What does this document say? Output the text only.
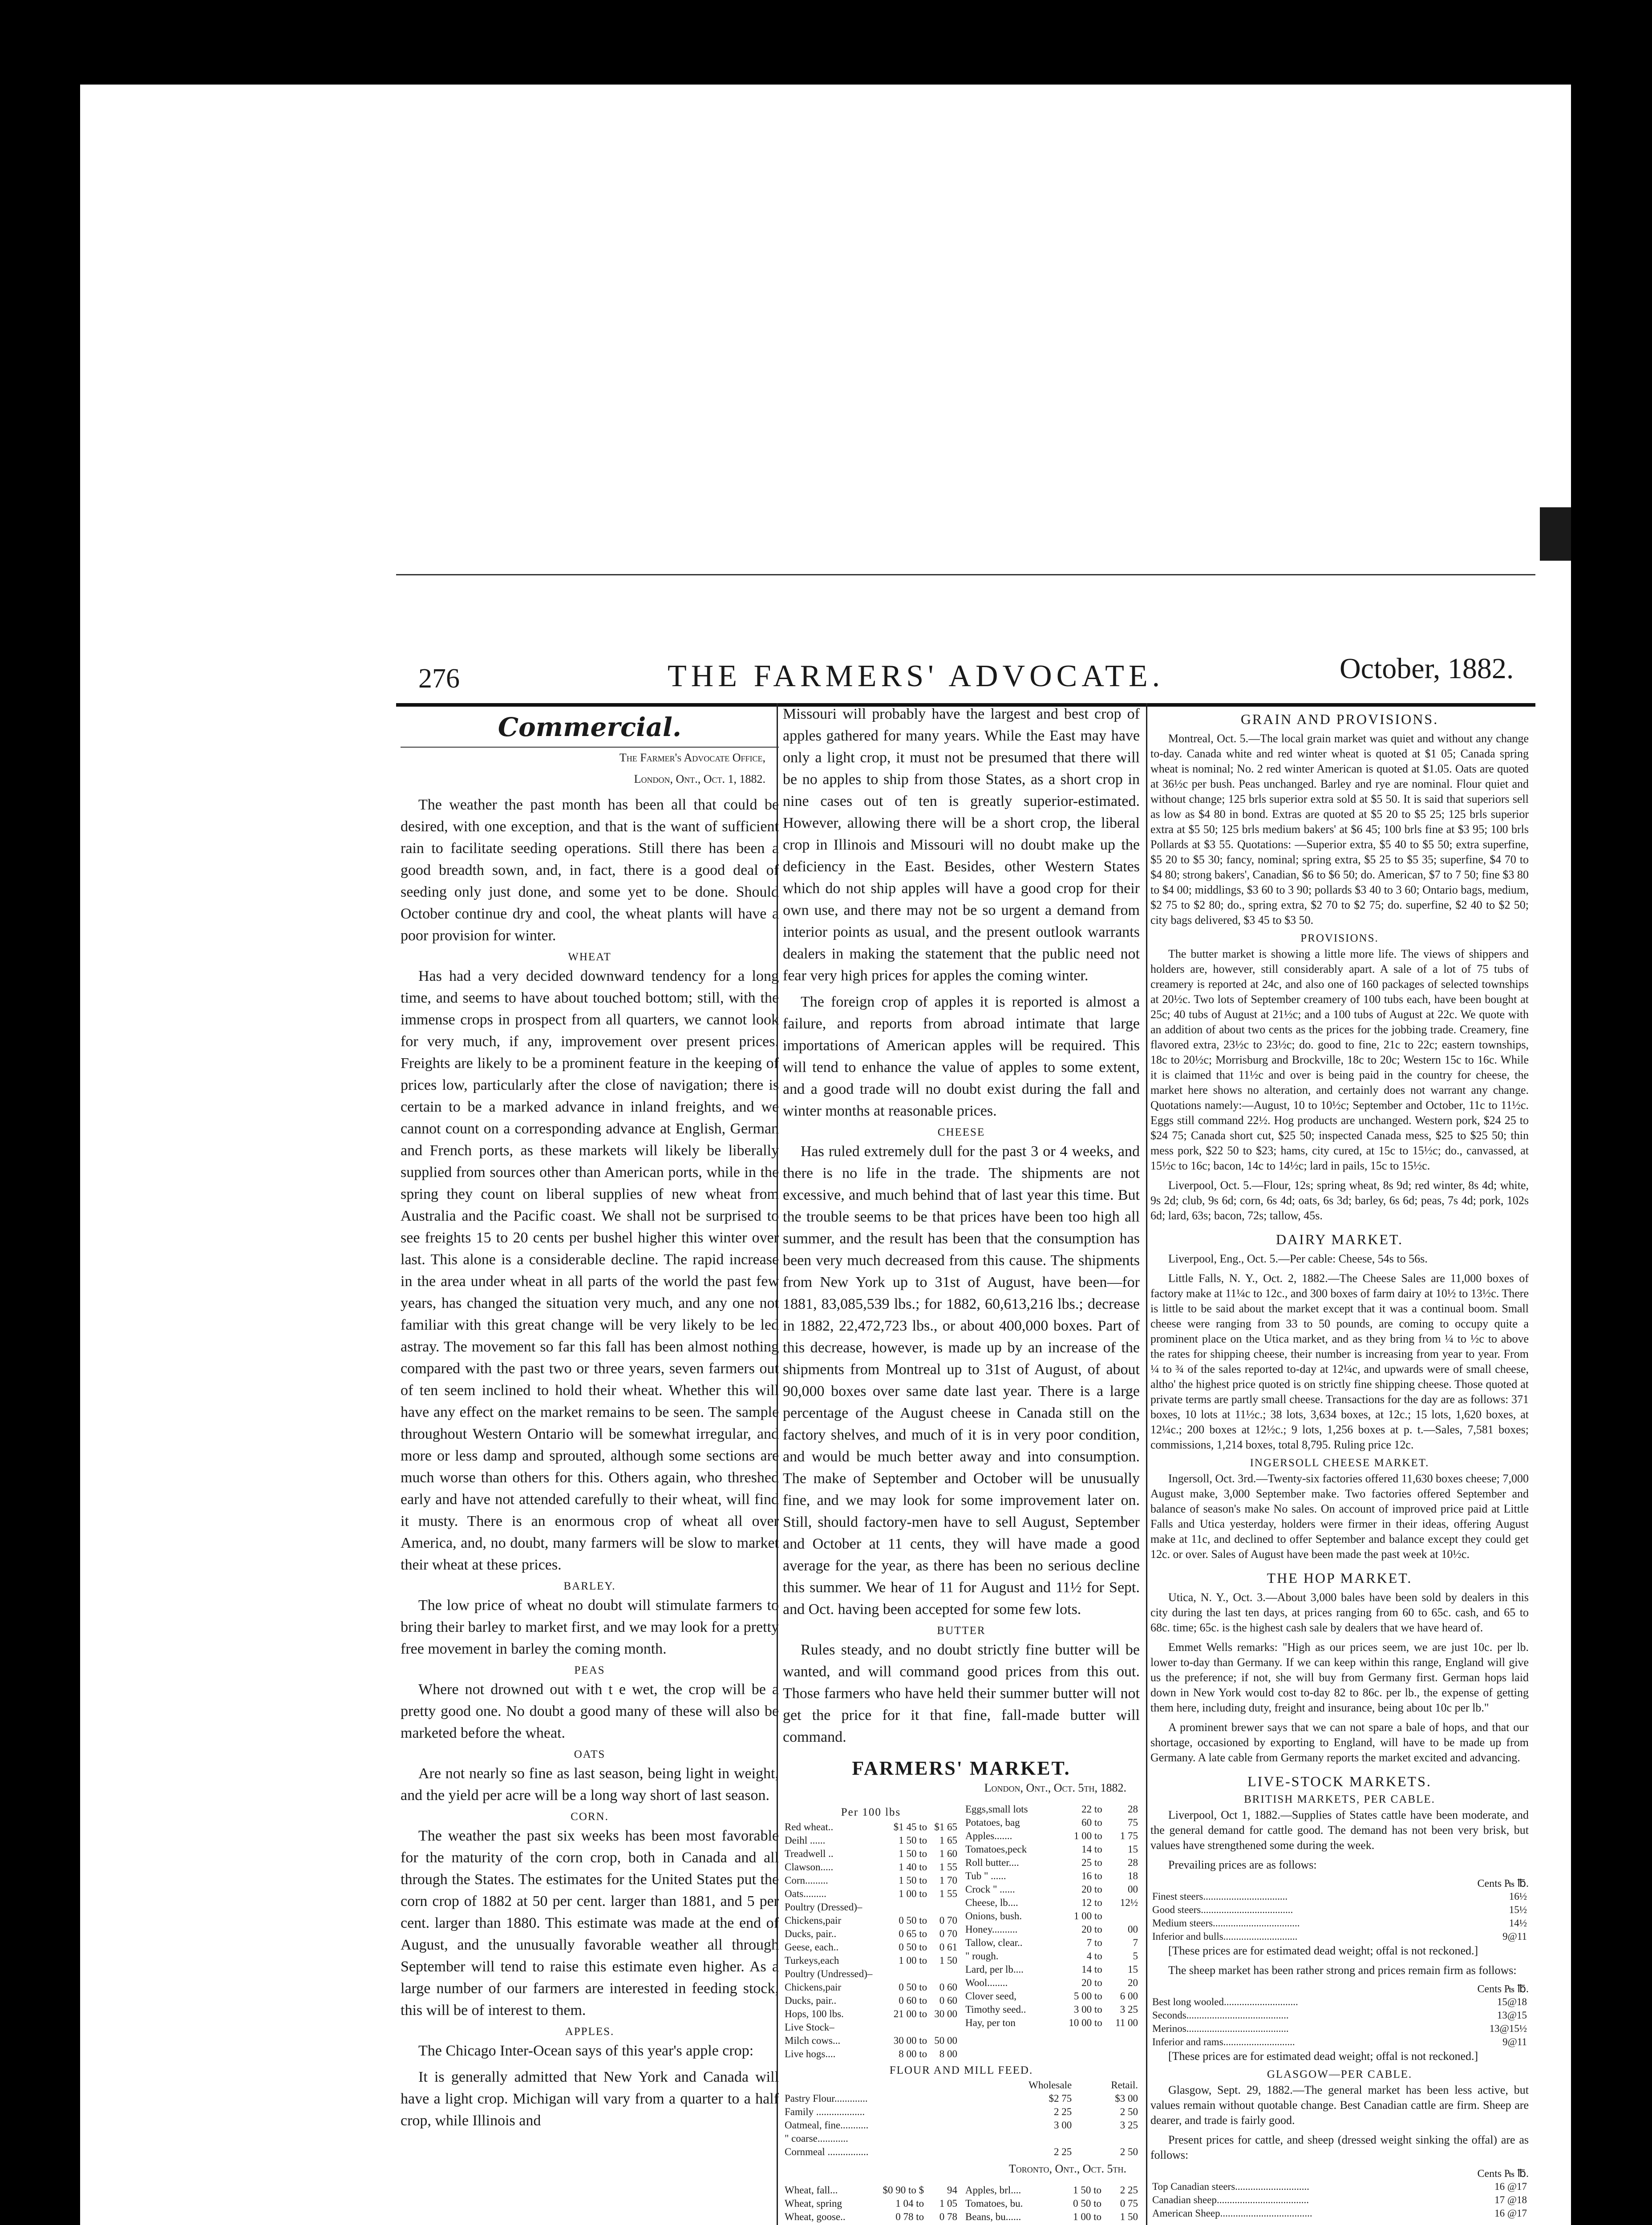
276	THE FARMERS' ADVOCATE.	October, 1882.
Commercial.
The Farmer's Advocate Office,
London, Ont., Oct. 1, 1882.

The weather the past month has been all that could be desired, with one exception, and that is the want of sufficient rain to facilitate seeding operations. Still there has been a good breadth sown, and, in fact, there is a good deal of seeding only just done, and some yet to be done. Should October continue dry and cool, the wheat plants will have a poor provision for winter.

WHEAT

Has had a very decided downward tendency for a long time, and seems to have about touched bottom; still, with the immense crops in prospect from all quarters, we cannot look for very much, if any, improvement over present prices. Freights are likely to be a prominent feature in the keeping of prices low, particularly after the close of navigation; there is certain to be a marked advance in inland freights, and we cannot count on a corresponding advance at English, German and French ports, as these markets will likely be liberally supplied from sources other than American ports, while in the spring they count on liberal supplies of new wheat from Australia and the Pacific coast. We shall not be surprised to see freights 15 to 20 cents per bushel higher this winter over last. This alone is a considerable decline. The rapid increase in the area under wheat in all parts of the world the past few years, has changed the situation very much, and any one not familiar with this great change will be very likely to be led astray. The movement so far this fall has been almost nothing compared with the past two or three years, seven farmers out of ten seem inclined to hold their wheat. Whether this will have any effect on the market remains to be seen. The sample throughout Western Ontario will be somewhat irregular, and more or less damp and sprouted, although some sections are much worse than others for this. Others again, who threshed early and have not attended carefully to their wheat, will find it musty. There is an enormous crop of wheat all over America, and, no doubt, many farmers will be slow to market their wheat at these prices.

BARLEY.

The low price of wheat no doubt will stimulate farmers to bring their barley to market first, and we may look for a pretty free movement in barley the coming month.

PEAS

Where not drowned out with t e wet, the crop will be a pretty good one. No doubt a good many of these will also be marketed before the wheat.

OATS

Are not nearly so fine as last season, being light in weight, and the yield per acre will be a long way short of last season.

CORN.

The weather the past six weeks has been most favorable for the maturity of the corn crop, both in Canada and all through the States. The estimates for the United States put the corn crop of 1882 at 50 per cent. larger than 1881, and 5 per cent. larger than 1880. This estimate was made at the end of August, and the unusually favorable weather all through September will tend to raise this estimate even higher. As a large number of our farmers are interested in feeding stock, this will be of interest to them.

APPLES.

The Chicago Inter-Ocean says of this year's apple crop:

It is generally admitted that New York and Canada will have a light crop. Michigan will vary from a quarter to a half crop, while Illinois and

Missouri will probably have the largest and best crop of apples gathered for many years. While the East may have only a light crop, it must not be presumed that there will be no apples to ship from those States, as a short crop in nine cases out of ten is greatly superior-estimated. However, allowing there will be a short crop, the liberal crop in Illinois and Missouri will no doubt make up the deficiency in the East. Besides, other Western States which do not ship apples will have a good crop for their own use, and there may not be so urgent a demand from interior points as usual, and the present outlook warrants dealers in making the statement that the public need not fear very high prices for apples the coming winter.

The foreign crop of apples it is reported is almost a failure, and reports from abroad intimate that large importations of American apples will be required. This will tend to enhance the value of apples to some extent, and a good trade will no doubt exist during the fall and winter months at reasonable prices.

CHEESE

Has ruled extremely dull for the past 3 or 4 weeks, and there is no life in the trade. The shipments are not excessive, and much behind that of last year this time. But the trouble seems to be that prices have been too high all summer, and the result has been that the consumption has been very much decreased from this cause. The shipments from New York up to 31st of August, have been—for 1881, 83,085,539 lbs.; for 1882, 60,613,216 lbs.; decrease in 1882, 22,472,723 lbs., or about 400,000 boxes. Part of this decrease, however, is made up by an increase of the shipments from Montreal up to 31st of August, of about 90,000 boxes over same date last year. There is a large percentage of the August cheese in Canada still on the factory shelves, and much of it is in very poor condition, and would be much better away and into consumption. The make of September and October will be unusually fine, and we may look for some improvement later on. Still, should factory-men have to sell August, September and October at 11 cents, they will have made a good average for the year, as there has been no serious decline this summer. We hear of 11 for August and 11½ for Sept. and Oct. having been accepted for some few lots.

BUTTER

Rules steady, and no doubt strictly fine butter will be wanted, and will command good prices from this out. Those farmers who have held their summer butter will not get the price for it that fine, fall-made butter will command.

FARMERS' MARKET.
London, Ont., Oct. 5th, 1882.
Per 100 lbs
Red wheat..	$1 45 to	$1 65
Deihl ......	1 50 to	1 65
Treadwell ..	1 50 to	1 60
Clawson.....	1 40 to	1 55
Corn.........	1 50 to	1 70
Oats.........	1 00 to	1 55
Poultry (Dressed)–		
Chickens,pair	0 50 to	0 70
Ducks, pair..	0 65 to	0 70
Geese, each..	0 50 to	0 61
Turkeys,each	1 00 to	1 50
Poultry (Undressed)–		
Chickens,pair	0 50 to	0 60
Ducks, pair..	0 60 to	0 60
Hops, 100 lbs.	21 00 to	30 00
Live Stock–		
Milch cows...	30 00 to	50 00
Live hogs....	8 00 to	8 00
Eggs,small lots	22 to	28
Potatoes, bag	60 to	75
Apples.......	1 00 to	1 75
Tomatoes,peck	14 to	15
Roll butter....	25 to	28
Tub " ......	16 to	18
Crock " ......	20 to	00
Cheese, lb....	12 to	12½
Onions, bush.	1 00 to	
Honey..........	20 to	00
Tallow, clear..	7 to	7
" rough.	4 to	5
Lard, per lb....	14 to	15
Wool........	20 to	20
Clover seed,	5 00 to	6 00
Timothy seed..	3 00 to	3 25
Hay, per ton	10 00 to	11 00
FLOUR AND MILL FEED.
	Wholesale	Retail.
Pastry Flour.............	$2 75	$3 00
Family ...................	2 25	2 50
Oatmeal, fine...........	3 00	3 25
" coarse............		
Cornmeal ................	2 25	2 50
Toronto, Ont., Oct. 5th.
Wheat, fall...	$0 90 to $	94
Wheat, spring	1 04 to	1 05
Wheat, goose..	0 78 to	0 78

Apples, brl....	1 50 to	2 25
Tomatoes, bu.	0 50 to	0 75
Beans, bu......	1 00 to	1 50

GRAIN AND PROVISIONS.

Montreal, Oct. 5.—The local grain market was quiet and without any change to-day. Canada white and red winter wheat is quoted at $1 05; Canada spring wheat is nominal; No. 2 red winter American is quoted at $1.05. Oats are quoted at 36½c per bush. Peas unchanged. Barley and rye are nominal. Flour quiet and without change; 125 brls superior extra sold at $5 50. It is said that superiors sell as low as $4 80 in bond. Extras are quoted at $5 20 to $5 25; 125 brls superior extra at $5 50; 125 brls medium bakers' at $6 45; 100 brls fine at $3 95; 100 brls Pollards at $3 55. Quotations: —Superior extra, $5 40 to $5 50; extra superfine, $5 20 to $5 30; fancy, nominal; spring extra, $5 25 to $5 35; superfine, $4 70 to $4 80; strong bakers', Canadian, $6 to $6 50; do. American, $7 to 7 50; fine $3 80 to $4 00; middlings, $3 60 to 3 90; pollards $3 40 to 3 60; Ontario bags, medium, $2 75 to $2 80; do., spring extra, $2 70 to $2 75; do. superfine, $2 40 to $2 50; city bags delivered, $3 45 to $3 50.

PROVISIONS.

The butter market is showing a little more life. The views of shippers and holders are, however, still considerably apart. A sale of a lot of 75 tubs of creamery is reported at 24c, and also one of 160 packages of selected townships at 20½c. Two lots of September creamery of 100 tubs each, have been bought at 25c; 40 tubs of August at 21½c; and a 100 tubs of August at 22c. We quote with an addition of about two cents as the prices for the jobbing trade. Creamery, fine flavored extra, 23½c to 23½c; do. good to fine, 21c to 22c; eastern townships, 18c to 20½c; Morrisburg and Brockville, 18c to 20c; Western 15c to 16c. While it is claimed that 11½c and over is being paid in the country for cheese, the market here shows no alteration, and certainly does not warrant any change. Quotations namely:—August, 10 to 10½c; September and October, 11c to 11½c. Eggs still command 22½. Hog products are unchanged. Western pork, $24 25 to $24 75; Canada short cut, $25 50; inspected Canada mess, $25 to $25 50; thin mess pork, $22 50 to $23; hams, city cured, at 15c to 15½c; do., canvassed, at 15½c to 16c; bacon, 14c to 14½c; lard in pails, 15c to 15½c.

Liverpool, Oct. 5.—Flour, 12s; spring wheat, 8s 9d; red winter, 8s 4d; white, 9s 2d; club, 9s 6d; corn, 6s 4d; oats, 6s 3d; barley, 6s 6d; peas, 7s 4d; pork, 102s 6d; lard, 63s; bacon, 72s; tallow, 45s.

DAIRY MARKET.

Liverpool, Eng., Oct. 5.—Per cable: Cheese, 54s to 56s.

Little Falls, N. Y., Oct. 2, 1882.—The Cheese Sales are 11,000 boxes of factory make at 11¼c to 12c., and 300 boxes of farm dairy at 10½ to 13½c. There is little to be said about the market except that it was a continual boom. Small cheese were ranging from 33 to 50 pounds, are coming to occupy quite a prominent place on the Utica market, and as they bring from ¼ to ½c to above the rates for shipping cheese, their number is increasing from year to year. From ¼ to ¾ of the sales reported to-day at 12¼c, and upwards were of small cheese, altho' the highest price quoted is on strictly fine shipping cheese. Those quoted at private terms are partly small cheese. Transactions for the day are as follows: 371 boxes, 10 lots at 11½c.; 38 lots, 3,634 boxes, at 12c.; 15 lots, 1,620 boxes, at 12¼c.; 200 boxes at 12½c.; 9 lots, 1,256 boxes at p. t.—Sales, 7,581 boxes; commissions, 1,214 boxes, total 8,795. Ruling price 12c.

INGERSOLL CHEESE MARKET.

Ingersoll, Oct. 3rd.—Twenty-six factories offered 11,630 boxes cheese; 7,000 August make, 3,000 September make. Two factories offered September and balance of season's make No sales. On account of improved price paid at Little Falls and Utica yesterday, holders were firmer in their ideas, offering August make at 11c, and declined to offer September and balance except they could get 12c. or over. Sales of August have been made the past week at 10½c.

THE HOP MARKET.

Utica, N. Y., Oct. 3.—About 3,000 bales have been sold by dealers in this city during the last ten days, at prices ranging from 60 to 65c. cash, and 65 to 68c. time; 65c. is the highest cash sale by dealers that we have heard of.

Emmet Wells remarks: "High as our prices seem, we are just 10c. per lb. lower to-day than Germany. If we can keep within this range, England will give us the preference; if not, she will buy from Germany first. German hops laid down in New York would cost to-day 82 to 86c. per lb., the expense of getting them here, including duty, freight and insurance, being about 10c per lb."

A prominent brewer says that we can not spare a bale of hops, and that our shortage, occasioned by exporting to England, will have to be made up from Germany. A late cable from Germany reports the market excited and advancing.

LIVE-STOCK MARKETS.
BRITISH MARKETS, PER CABLE.

Liverpool, Oct 1, 1882.—Supplies of States cattle have been moderate, and the general demand for cattle good. The demand has not been very brisk, but values have strengthened some during the week.

Prevailing prices are as follows:

Cents ₧ ℔.
Finest steers.................................	16½
Good steers....................................	15½
Medium steers..................................	14½
Inferior and bulls.............................	9@11

[These prices are for estimated dead weight; offal is not reckoned.]

The sheep market has been rather strong and prices remain firm as follows:

Cents ₧ ℔.
Best long wooled.............................	15@18
Seconds........................................	13@15
Merinos........................................	13@15½
Inferior and rams............................	9@11

[These prices are for estimated dead weight; offal is not reckoned.]

GLASGOW—PER CABLE.

Glasgow, Sept. 29, 1882.—The general market has been less active, but values remain without quotable change. Best Canadian cattle are firm. Sheep are dearer, and trade is fairly good.

Present prices for cattle, and sheep (dressed weight sinking the offal) are as follows:

Cents ₧ ℔.
Top Canadian steers.............................	16 @17
Canadian sheep....................................	17 @18
American Sheep....................................	16 @17
